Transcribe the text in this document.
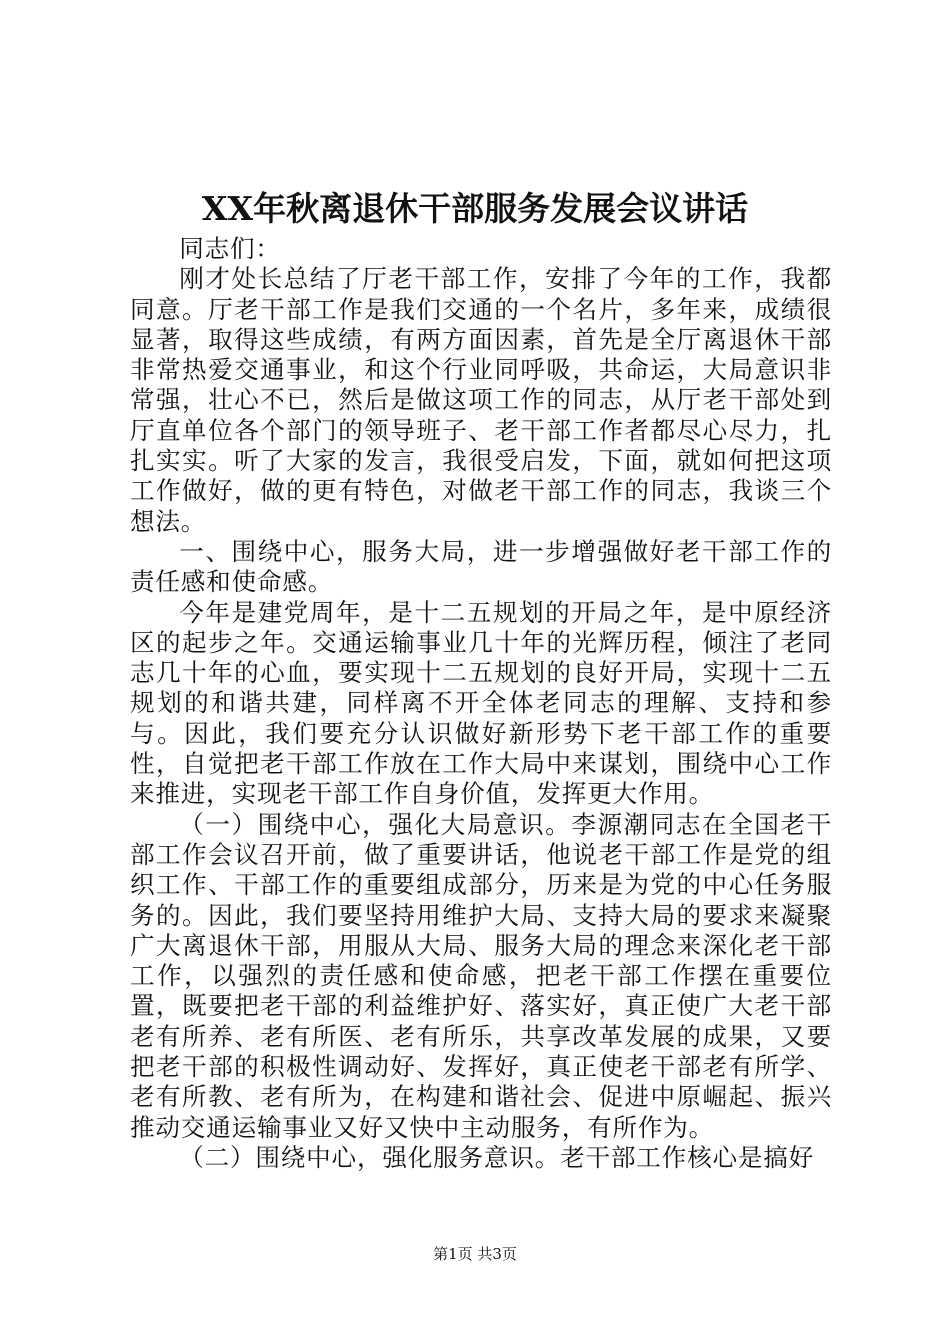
XX年秋离退休干部服务发展会议讲话

同志们：

刚才处长总结了厅老干部工作，安排了今年的工作，我都同意。厅老干部工作是我们交通的一个名片，多年来，成绩很显著，取得这些成绩，有两方面因素，首先是全厅离退休干部非常热爱交通事业，和这个行业同呼吸，共命运，大局意识非常强，壮心不已，然后是做这项工作的同志，从厅老干部处到厅直单位各个部门的领导班子、老干部工作者都尽心尽力，扎扎实实。听了大家的发言，我很受启发，下面，就如何把这项工作做好，做的更有特色，对做老干部工作的同志，我谈三个想法。

一、围绕中心，服务大局，进一步增强做好老干部工作的责任感和使命感。

今年是建党周年，是十二五规划的开局之年，是中原经济区的起步之年。交通运输事业几十年的光辉历程，倾注了老同志几十年的心血，要实现十二五规划的良好开局，实现十二五规划的和谐共建，同样离不开全体老同志的理解、支持和参与。因此，我们要充分认识做好新形势下老干部工作的重要性，自觉把老干部工作放在工作大局中来谋划，围绕中心工作来推进，实现老干部工作自身价值，发挥更大作用。

（一）围绕中心，强化大局意识。李源潮同志在全国老干部工作会议召开前，做了重要讲话，他说老干部工作是党的组织工作、干部工作的重要组成部分，历来是为党的中心任务服务的。因此，我们要坚持用维护大局、支持大局的要求来凝聚广大离退休干部，用服从大局、服务大局的理念来深化老干部工作，以强烈的责任感和使命感，把老干部工作摆在重要位置，既要把老干部的利益维护好、落实好，真正使广大老干部老有所养、老有所医、老有所乐，共享改革发展的成果，又要把老干部的积极性调动好、发挥好，真正使老干部老有所学、老有所教、老有所为，在构建和谐社会、促进中原崛起、振兴推动交通运输事业又好又快中主动服务，有所作为。

（二）围绕中心，强化服务意识。老干部工作核心是搞好

第1页 共3页
